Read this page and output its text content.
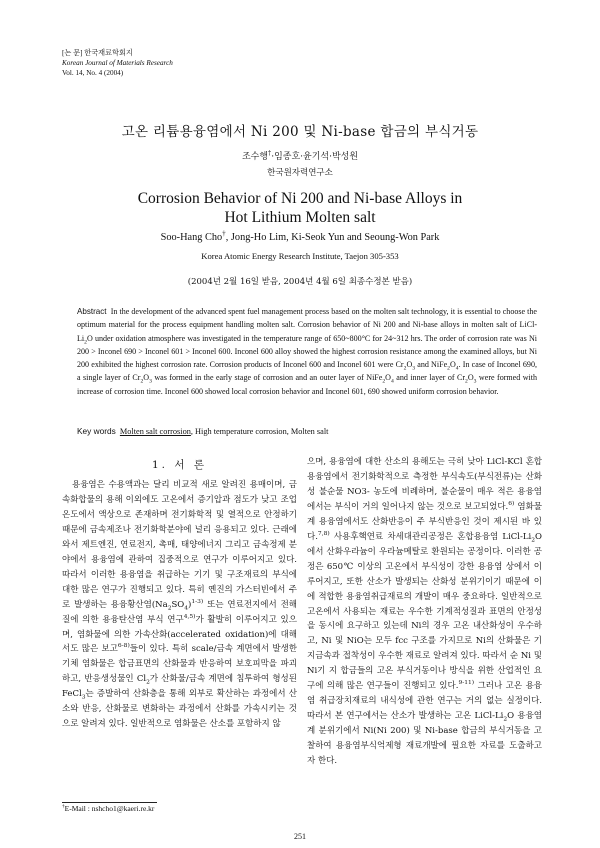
[논 문] 한국재료학회지
Korean Journal of Materials Research
Vol. 14, No. 4 (2004)
고온 리튬용융염에서 Ni 200 및 Ni-base 합금의 부식거동
조수행†·임종호·윤기석·박성원
한국원자력연구소
Corrosion Behavior of Ni 200 and Ni-base Alloys in
Hot Lithium Molten salt
Soo-Hang Cho†, Jong-Ho Lim, Ki-Seok Yun and Seoung-Won Park
Korea Atomic Energy Research Institute, Taejon 305-353
(2004년 2월 16일 받음, 2004년 4월 6일 최종수정본 받음)
Abstract In the development of the advanced spent fuel management process based on the molten salt technology, it is essential to choose the optimum material for the process equipment handling molten salt. Corrosion behavior of Ni 200 and Ni-base alloys in molten salt of LiCl-$Li_2O$ under oxidation atmosphere was investigated in the temperature range of 650~800°C for 24~312 hrs. The order of corrosion rate was Ni 200 > Inconel 690 > Inconel 601 > Inconel 600. Inconel 600 alloy showed the highest corrosion resistance among the examined alloys, but Ni 200 exhibited the highest corrosion rate. Corrosion products of Inconel 600 and Inconel 601 were $Cr_2O_3$ and $NiFe_2O_4$. In case of Inconel 690, a single layer of $Cr_2O_3$ was formed in the early stage of corrosion and an outer layer of $NiFe_2O_4$ and inner layer of $Cr_2O_3$ were formed with increase of corrosion time. Inconel 600 showed local corrosion behavior and Inconel 601, 690 showed uniform corrosion behavior.
Key words Molten salt corrosion, High temperature corrosion, Molten salt
1. 서 론

용융염은 수용액과는 달리 비교적 새로 알려진 용매이며, 금속화합물의 용해 이외에도 고온에서 증기압과 점도가 낮고 조업온도에서 액상으로 존재하며 전기화학적 및 열적으로 안정하기 때문에 금속제조나 전기화학분야에 널리 응용되고 있다. 근래에 와서 제트엔진, 연료전지, 촉매, 태양에너지 그리고 금속정제 분야에서 용융염에 관하여 집중적으로 연구가 이루어지고 있다. 따라서 이러한 용융염을 취급하는 기기 및 구조재료의 부식에 대한 많은 연구가 진행되고 있다. 특히 옌진의 가스터빈에서 주로 발생하는 용융황산염$(Na_2SO_4)^{1-3)}$ 또는 연료전지에서 전해질에 의한 용융탄산염 부식 연구$^{4,5)}$가 활발히 이루어지고 있으며, 염화물에 의한 가속산화(accelerated oxidation)에 대해서도 많은 보고$^{6-8)}$들이 있다. 특히 scale/금속 계면에서 발생한 기체 염화물은 합금표면의 산화물과 반응하여 보호피막을 파괴하고, 반응생성물인 $Cl_2$가 산화물/금속 계면에 침투하여 형성된 FeCl$_3$는 증발하여 산화층을 통해 외부로 확산하는 과정에서 산소와 반응, 산화물로 변화하는 과정에서 산화를 가속시키는 것으로 알려져 있다. 일반적으로 염화물은 산소를 포함하지 않

으며, 용융염에 대한 산소의 용해도는 극히 낮아 LiCl-KCl 혼합용융염에서 전기화학적으로 측정한 부식속도(부식전류)는 산화성 불순물 NO3- 농도에 비례하며, 불순물이 매우 적은 용융염에서는 부식이 거의 일어나지 않는 것으로 보고되었다.$^{6)}$ 염화물계 용융염에서도 산화반응이 주 부식반응인 것이 제시된 바 있다.$^{7,8)}$ 사용후핵연료 차세대관리공정은 혼합용융염 LiCl-$Li_2O$에서 산화우라늄이 우라늄메탈로 환원되는 공정이다. 이러한 공정은 650℃ 이상의 고온에서 부식성이 강한 용융염 상에서 이루어지고, 또한 산소가 발생되는 산화성 분위기이기 때문에 이에 적합한 용융염취급재료의 개발이 매우 중요하다. 일반적으로 고온에서 사용되는 재료는 우수한 기계적성질과 표면의 안정성을 동시에 요구하고 있는데 Ni의 경우 고온 내산화성이 우수하고, Ni 및 NiO는 모두 fcc 구조를 가지므로 Ni의 산화물은 기지금속과 접착성이 우수한 재료로 알려져 있다. 따라서 순 Ni 및 Ni기 지 합금들의 고온 부식거동이나 방식을 위한 산업적인 요구에 의해 많은 연구들이 진행되고 있다.$^{9-11)}$ 그러나 고온 용융염 취급장치재료의 내식성에 관한 연구는 거의 없는 실정이다. 따라서 본 연구에서는 산소가 발생하는 고온 LiCl-$Li_2O$ 용융염계 분위기에서 Ni(Ni 200) 및 Ni-base 합금의 부식거동을 고찰하여 용융염부식억제형 재료개발에 필요한 자료를 도출하고자 한다.

†E-Mail : nshcho1@kaeri.re.kr
251
